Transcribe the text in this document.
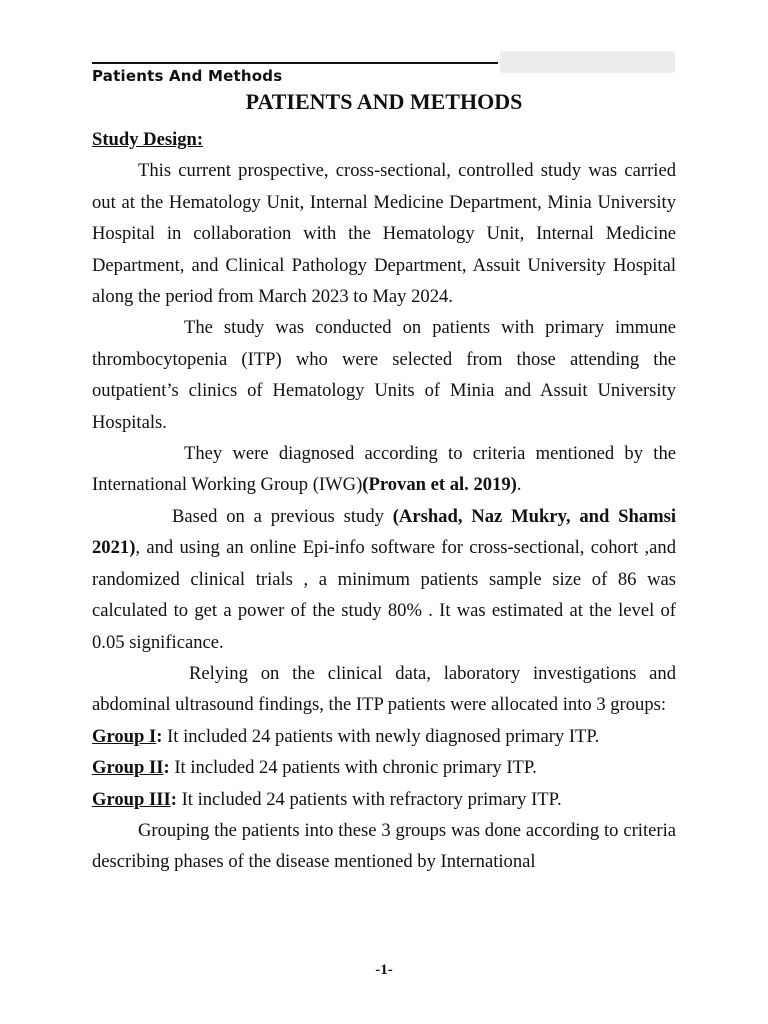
Patients And Methods
PATIENTS AND METHODS

Study Design:

This current prospective, cross-sectional, controlled study was carried out at the Hematology Unit, Internal Medicine Department, Minia University Hospital in collaboration with the Hematology Unit, Internal Medicine Department, and Clinical Pathology Department, Assuit University Hospital along the period from March 2023 to May 2024.

The study was conducted on patients with primary immune thrombocytopenia (ITP) who were selected from those attending the outpatient’s clinics of Hematology Units of Minia and Assuit University Hospitals.

They were diagnosed according to criteria mentioned by the International Working Group (IWG)(Provan et al. 2019).

Based on a previous study (Arshad, Naz Mukry, and Shamsi 2021), and using an online Epi-info software for cross-sectional, cohort ,and randomized clinical trials , a minimum patients sample size of 86 was calculated to get a power of the study 80% . It was estimated at the level of 0.05 significance.

Relying on the clinical data, laboratory investigations and abdominal ultrasound findings, the ITP patients were allocated into 3 groups:

Group I: It included 24 patients with newly diagnosed primary ITP.

Group II: It included 24 patients with chronic primary ITP.

Group III: It included 24 patients with refractory primary ITP.

Grouping the patients into these 3 groups was done according to criteria describing phases of the disease mentioned by International

-1-
